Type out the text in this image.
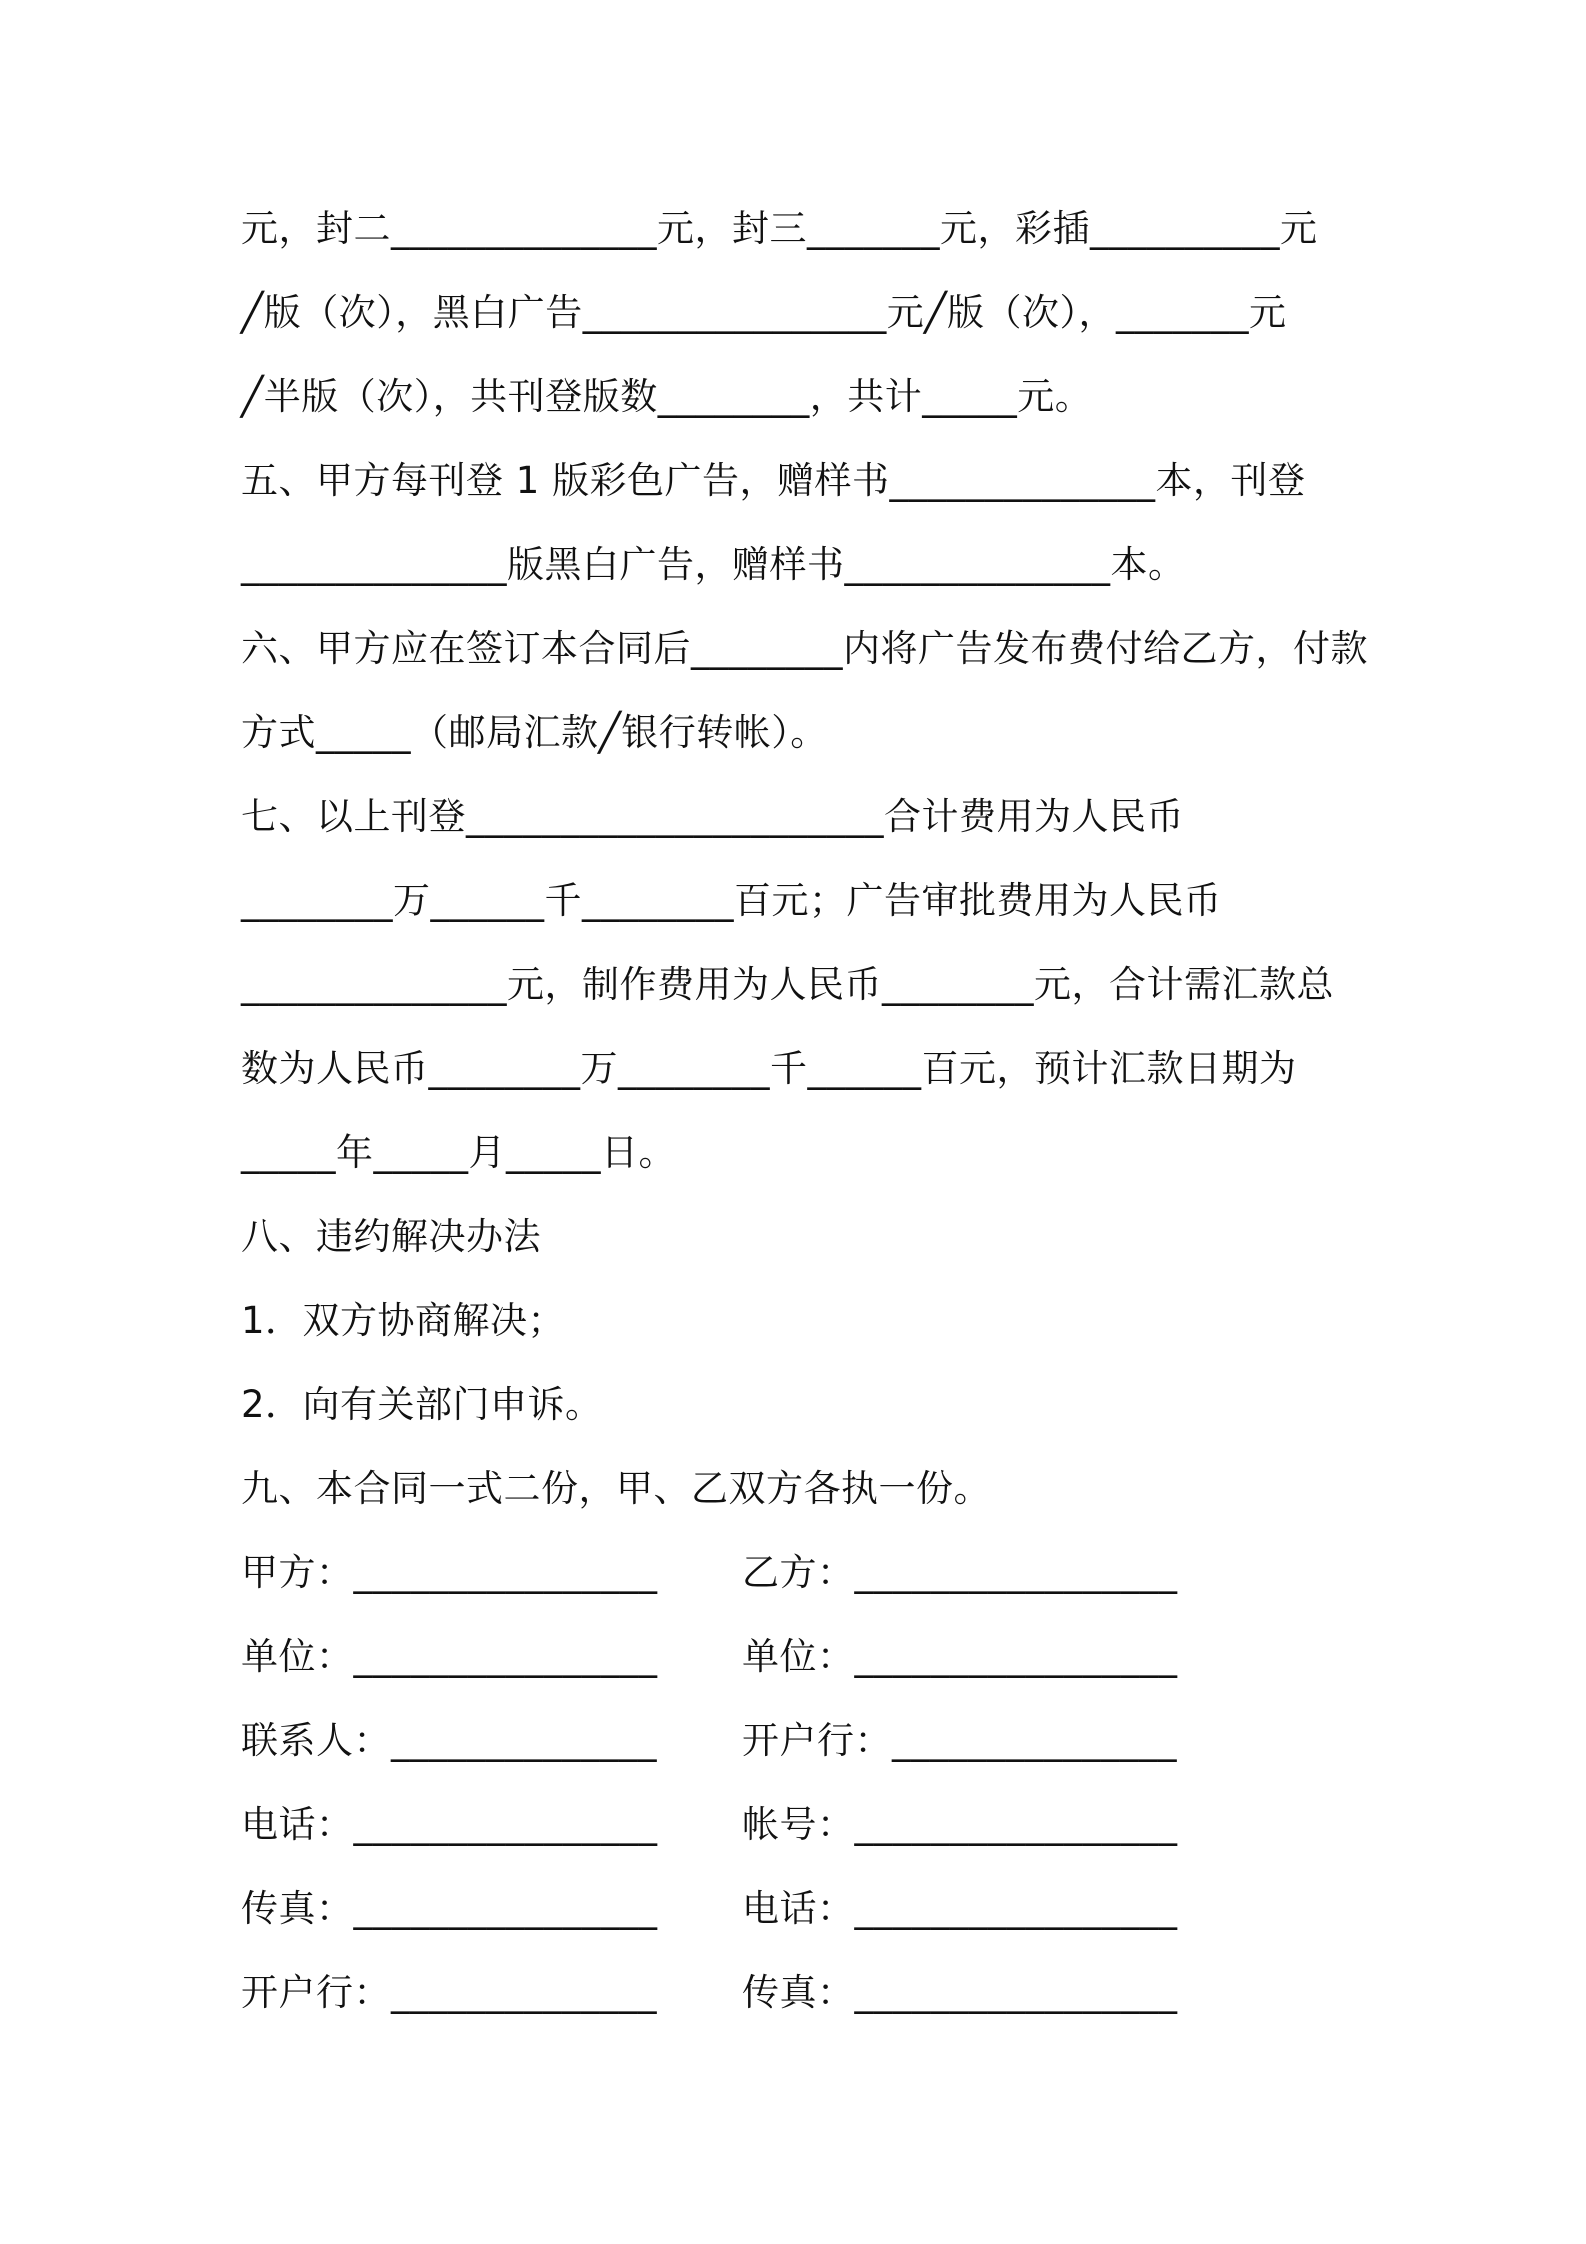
元，封二______________元，封三_______元，彩插__________元
╱版（次），黑白广告________________元╱版（次），_______元
╱半版（次），共刊登版数________，共计_____元。
五、甲方每刊登 1 版彩色广告，赠样书______________本，刊登
______________版黑白广告，赠样书______________本。
六、甲方应在签订本合同后________内将广告发布费付给乙方，付款
方式_____（邮局汇款╱银行转帐）。
七、以上刊登______________________合计费用为人民币
________万______千________百元；广告审批费用为人民币
______________元，制作费用为人民币________元，合计需汇款总
数为人民币________万________千______百元，预计汇款日期为
_____年_____月_____日。
八、违约解决办法
1．双方协商解决；
2．向有关部门申诉。
九、本合同一式二份，甲、乙双方各执一份。
甲方：________________
单位：________________
联系人：______________
电话：________________
传真：________________
开户行：______________
乙方：_________________
单位：_________________
开户行：_______________
帐号：_________________
电话：_________________
传真：_________________
